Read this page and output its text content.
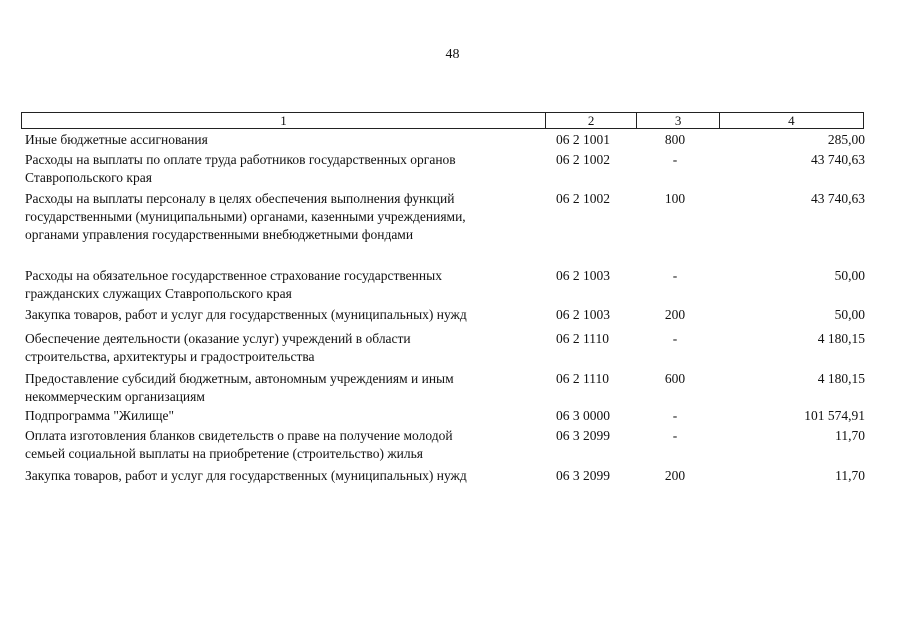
48
1	2	3	4
Иные бюджетные ассигнования	06 2 1001	800	285,00
Расходы на выплаты по оплате труда работников государственных органов
Ставропольского края
06 2 1002	-	43 740,63
Расходы на выплаты персоналу в целях обеспечения выполнения функций
государственными (муниципальными) органами, казенными учреждениями,
органами управления государственными внебюджетными фондами
06 2 1002	100	43 740,63
Расходы на обязательное государственное страхование государственных
гражданских служащих Ставропольского края
06 2 1003	-	50,00
Закупка товаров, работ и услуг для государственных (муниципальных) нужд	06 2 1003	200	50,00
Обеспечение деятельности (оказание услуг) учреждений в области
строительства, архитектуры и градостроительства
06 2 1110	-	4 180,15
Предоставление субсидий бюджетным, автономным учреждениям и иным
некоммерческим организациям
06 2 1110	600	4 180,15
Подпрограмма "Жилище"	06 3 0000	-	101 574,91
Оплата изготовления бланков свидетельств о праве на получение молодой
семьей социальной выплаты на приобретение (строительство) жилья
06 3 2099	-	11,70
Закупка товаров, работ и услуг для государственных (муниципальных) нужд	06 3 2099	200	11,70
